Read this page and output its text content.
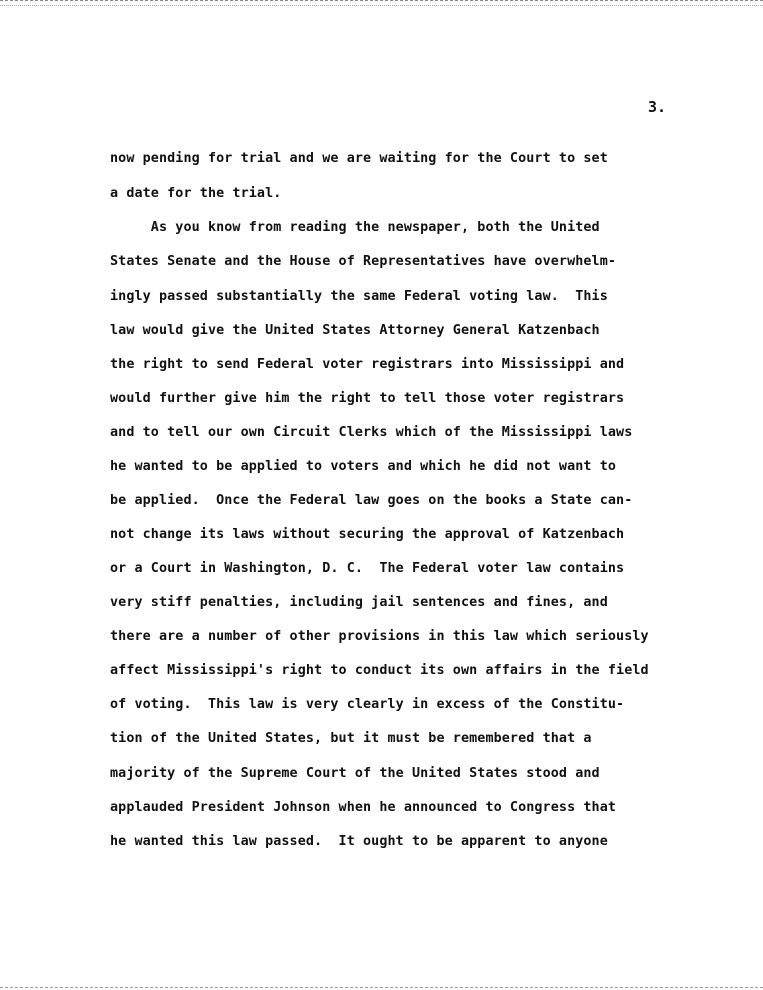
3.
now pending for trial and we are waiting for the Court to set
a date for the trial.
As you know from reading the newspaper, both the United
States Senate and the House of Representatives have overwhelm-
ingly passed substantially the same Federal voting law.  This
law would give the United States Attorney General Katzenbach
the right to send Federal voter registrars into Mississippi and
would further give him the right to tell those voter registrars
and to tell our own Circuit Clerks which of the Mississippi laws
he wanted to be applied to voters and which he did not want to
be applied.  Once the Federal law goes on the books a State can-
not change its laws without securing the approval of Katzenbach
or a Court in Washington, D. C.  The Federal voter law contains
very stiff penalties, including jail sentences and fines, and
there are a number of other provisions in this law which seriously
affect Mississippi's right to conduct its own affairs in the field
of voting.  This law is very clearly in excess of the Constitu-
tion of the United States, but it must be remembered that a
majority of the Supreme Court of the United States stood and
applauded President Johnson when he announced to Congress that
he wanted this law passed.  It ought to be apparent to anyone
